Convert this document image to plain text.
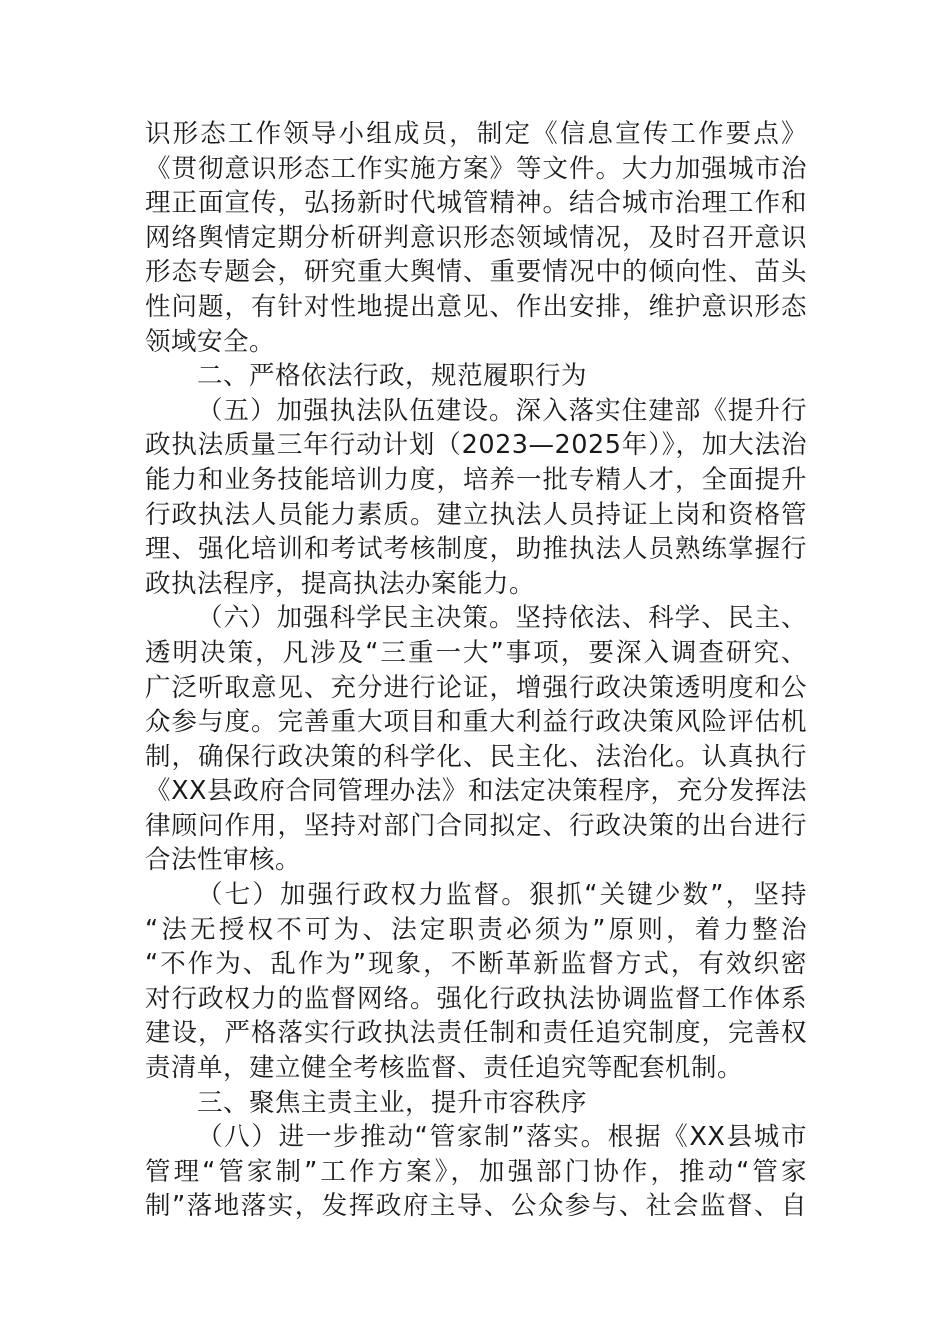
识形态工作领导小组成员，制定《信息宣传工作要点》
《贯彻意识形态工作实施方案》等文件。大力加强城市治
理正面宣传，弘扬新时代城管精神。结合城市治理工作和
网络舆情定期分析研判意识形态领域情况，及时召开意识
形态专题会，研究重大舆情、重要情况中的倾向性、苗头
性问题，有针对性地提出意见、作出安排，维护意识形态
领域安全。
二、严格依法行政，规范履职行为
（五）加强执法队伍建设。深入落实住建部《提升行
政执法质量三年行动计划（2023—2025年）》，加大法治
能力和业务技能培训力度，培养一批专精人才，全面提升
行政执法人员能力素质。建立执法人员持证上岗和资格管
理、强化培训和考试考核制度，助推执法人员熟练掌握行
政执法程序，提高执法办案能力。
（六）加强科学民主决策。坚持依法、科学、民主、
透明决策，凡涉及“三重一大”事项，要深入调查研究、
广泛听取意见、充分进行论证，增强行政决策透明度和公
众参与度。完善重大项目和重大利益行政决策风险评估机
制，确保行政决策的科学化、民主化、法治化。认真执行
《XX县政府合同管理办法》和法定决策程序，充分发挥法
律顾问作用，坚持对部门合同拟定、行政决策的出台进行
合法性审核。
（七）加强行政权力监督。狠抓“关键少数”，坚持
“法无授权不可为、法定职责必须为”原则，着力整治
“不作为、乱作为”现象，不断革新监督方式，有效织密
对行政权力的监督网络。强化行政执法协调监督工作体系
建设，严格落实行政执法责任制和责任追究制度，完善权
责清单，建立健全考核监督、责任追究等配套机制。
三、聚焦主责主业，提升市容秩序
（八）进一步推动“管家制”落实。根据《XX县城市
管理“管家制”工作方案》，加强部门协作，推动“管家
制”落地落实，发挥政府主导、公众参与、社会监督、自
